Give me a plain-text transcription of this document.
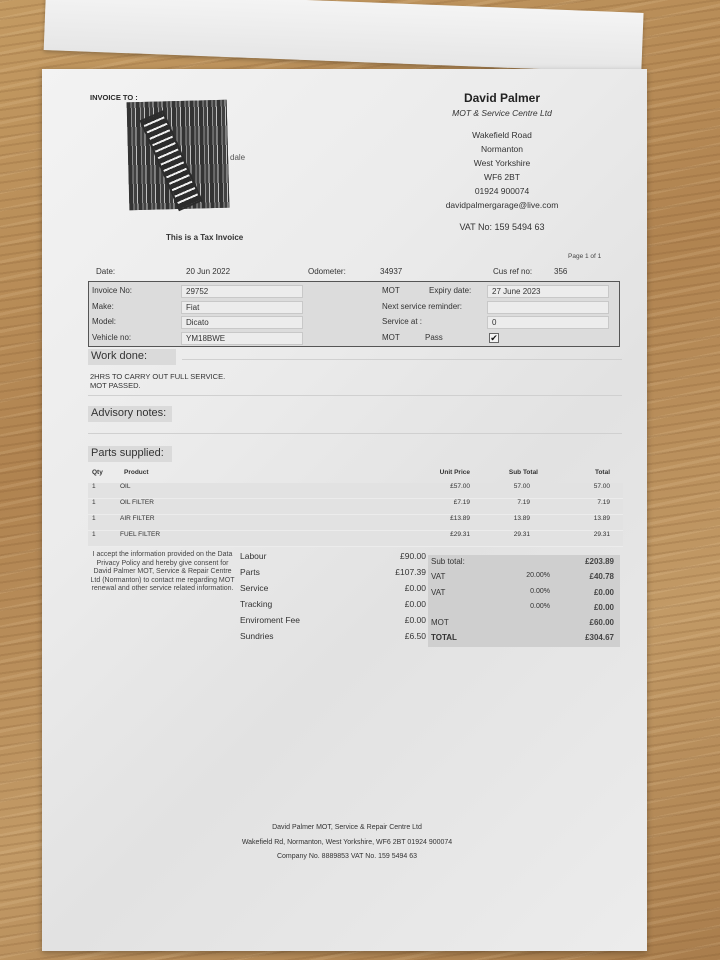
INVOICE TO :
dale
This is a Tax Invoice
David Palmer
MOT & Service Centre Ltd
Wakefield Road
Normanton
West Yorkshire
WF6 2BT
01924 900074
davidpalmergarage@live.com
VAT No: 159 5494 63
Page 1 of 1
Date:	20 Jun 2022	Odometer:	34937	Cus ref no:	356
Invoice No:	29752
Make:	Fiat
Model:	Dicato
Vehicle no:	YM18BWE
MOT	Expiry date:	27 June 2023
Next service reminder:
Service at :	0
MOT	Pass	✔
Work done:
2HRS TO CARRY OUT FULL SERVICE.
MOT PASSED.
Advisory notes:
Parts supplied:
Qty	Product	Unit Price	Sub Total	Total
1	OIL	£57.00	57.00	57.00
1	OIL FILTER	£7.19	7.19	7.19
1	AIR FILTER	£13.89	13.89	13.89
1	FUEL FILTER	£29.31	29.31	29.31
I accept the information provided on the Data Privacy Policy and hereby give consent for David Palmer MOT, Service & Repair Centre Ltd (Normanton) to contact me regarding MOT renewal and other service related information.
Labour	£90.00
Parts	£107.39
Service	£0.00
Tracking	£0.00
Enviroment Fee	£0.00
Sundries	£6.50
Sub total:	£203.89
VAT	20.00%	£40.78
VAT	0.00%	£0.00
0.00%	£0.00
MOT	£60.00
TOTAL	£304.67
David Palmer MOT, Service & Repair Centre Ltd
Wakefield Rd, Normanton, West Yorkshire, WF6 2BT 01924 900074
Company No. 8889853 VAT No. 159 5494 63
